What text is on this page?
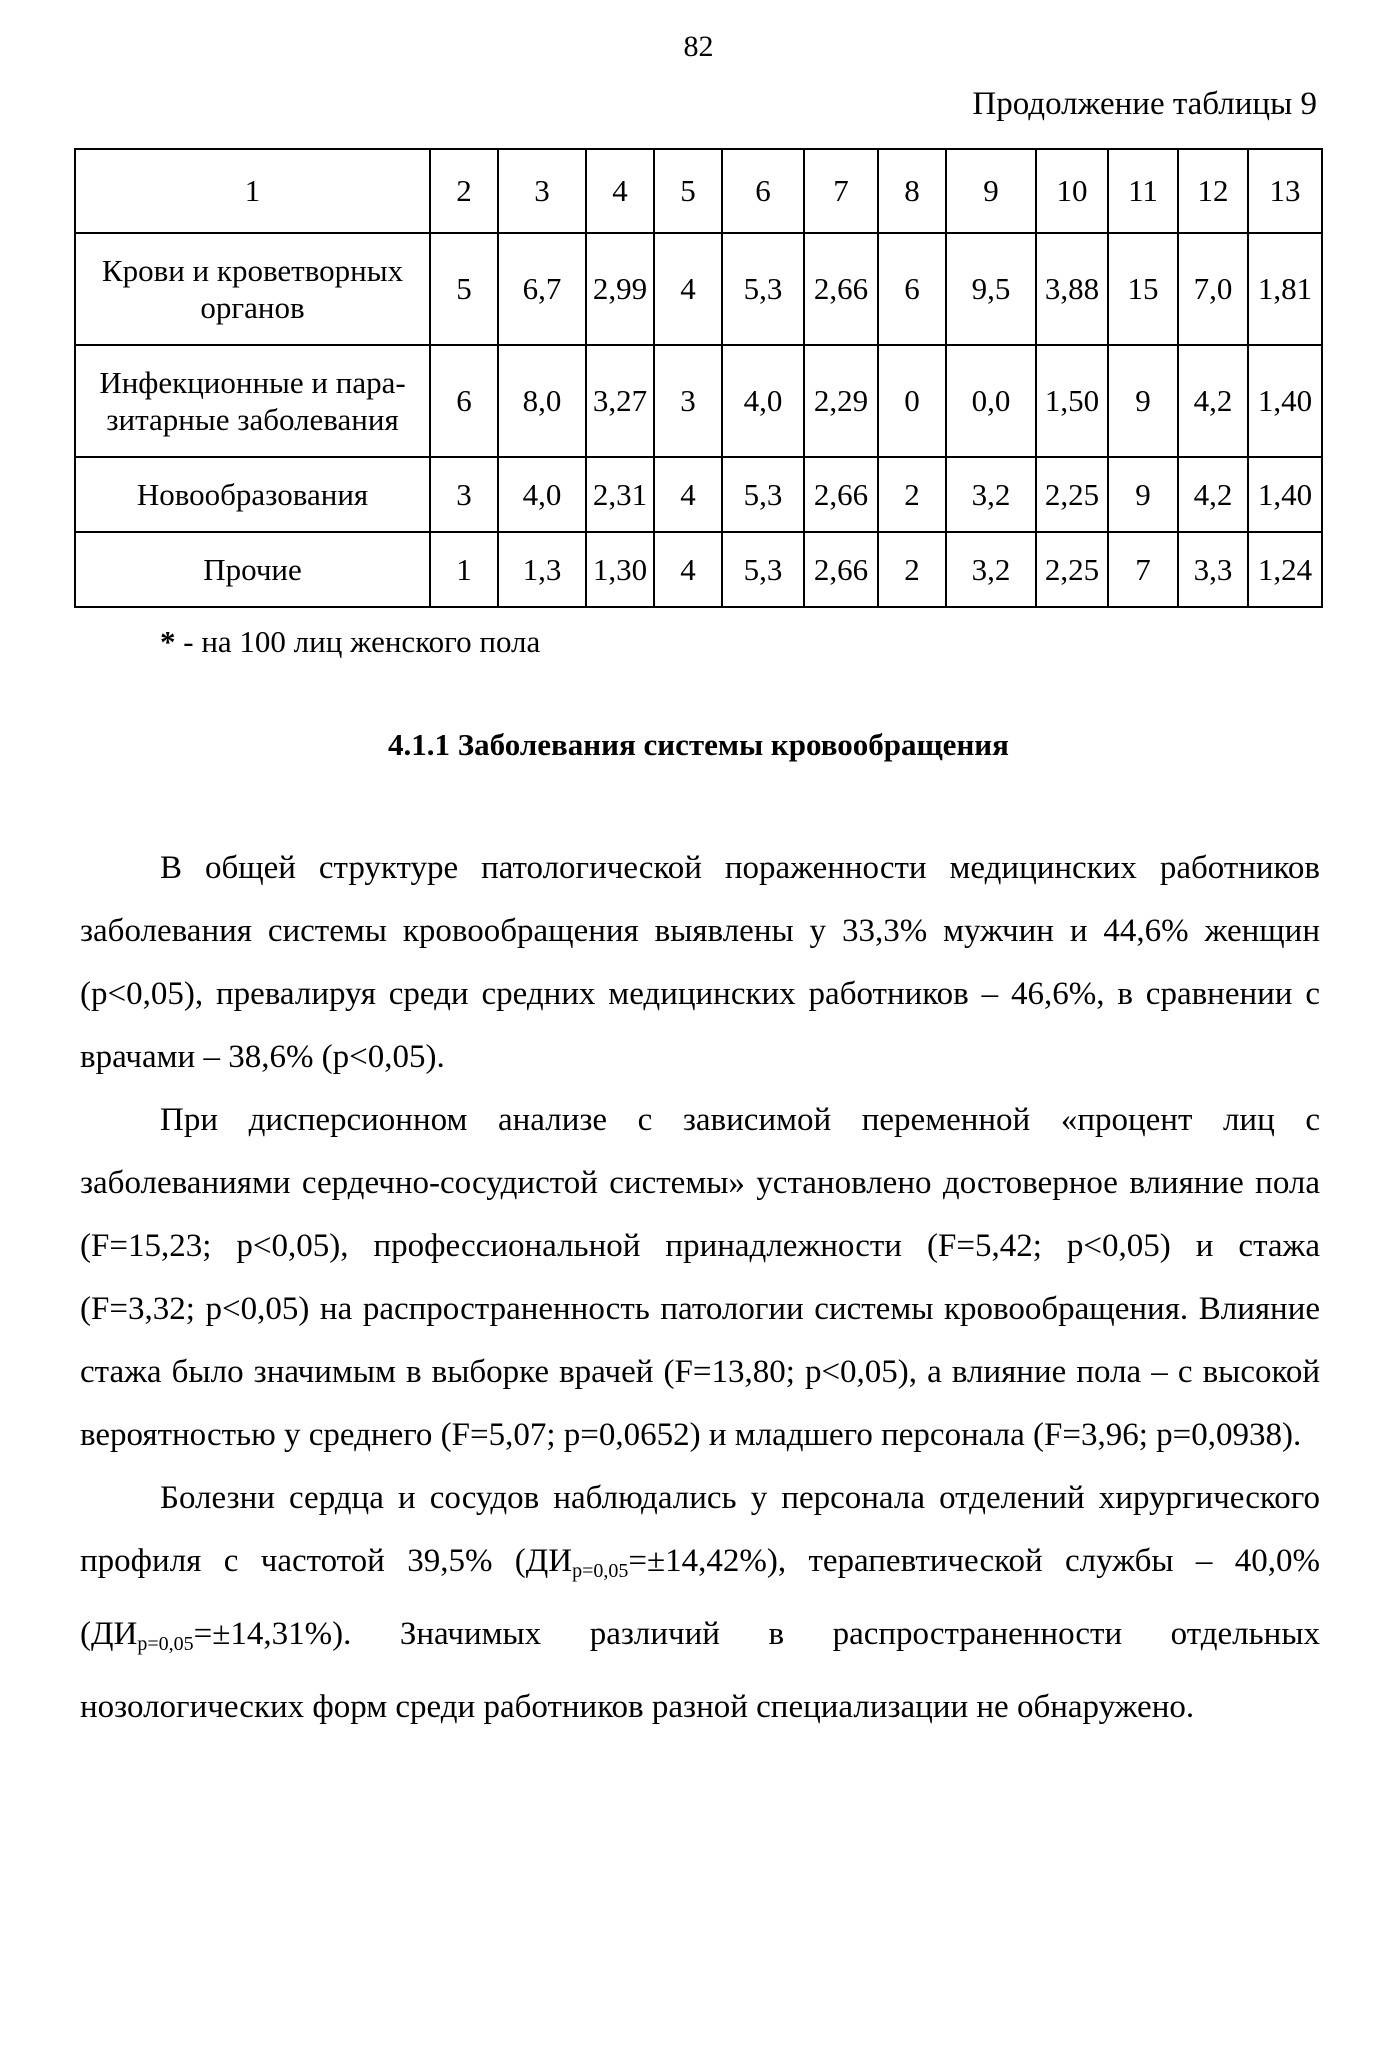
82
Продолжение таблицы 9
1	2	3	4	5	6	7	8	9	10	11	12	13
Крови и кроветворных органов	5	6,7	2,99	4	5,3	2,66	6	9,5	3,88	15	7,0	1,81
Инфекционные и пара-
зитарные заболевания	6	8,0	3,27	3	4,0	2,29	0	0,0	1,50	9	4,2	1,40
Новообразования	3	4,0	2,31	4	5,3	2,66	2	3,2	2,25	9	4,2	1,40
Прочие	1	1,3	1,30	4	5,3	2,66	2	3,2	2,25	7	3,3	1,24
* - на 100 лиц женского пола
4.1.1 Заболевания системы кровообращения

В общей структуре патологической пораженности медицинских работников заболевания системы кровообращения выявлены у 33,3% мужчин и 44,6% женщин (р<0,05), превалируя среди средних медицинских работников – 46,6%, в сравнении с врачами – 38,6% (р<0,05).

При дисперсионном анализе с зависимой переменной «процент лиц с заболеваниями сердечно-сосудистой системы» установлено достоверное влияние пола (F=15,23; р<0,05), профессиональной принадлежности (F=5,42; р<0,05) и стажа (F=3,32; р<0,05) на распространенность патологии системы кровообращения. Влияние стажа было значимым в выборке врачей (F=13,80; р<0,05), а влияние пола – с высокой вероятностью у среднего (F=5,07; р=0,0652) и младшего персонала (F=3,96; р=0,0938).

Болезни сердца и сосудов наблюдались у персонала отделений хирургического профиля с частотой 39,5% $(ДИ_{р=0,05}=\pm 14,42\%)$, терапевтической службы – 40,0% $(ДИ_{р=0,05}=\pm 14,31\%)$. Значимых различий в распространенности отдельных нозологических форм среди работников разной специализации не обнаружено.
